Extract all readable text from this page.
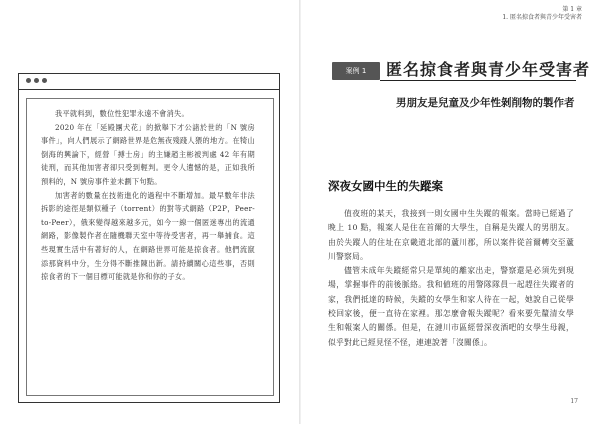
第 1 章
1. 匿名掠食者與青少年受害者

我平就料到，數位性犯罪永遠不會消失。

2020 年在「延殿團犬花」的掀舉下才公諸於世的「N 號房事件」，向人們展示了網路世界是危無夜殘踐人猥的地方。在犄山倒海的興論下，經營「搏士房」的主嫌趙主彬被判處 42 年有期徒刑，而其他加害者卻只受到輕判。更令人遺憾的是，正如我所預料的，N 號房事件並未劃下句點。

加害者的數量在技術進化的過程中不斷增加。最早數年非法拆影的途徑是類似種子（torrent）的對等式網路（P2P，Peer-to-Peer），俄來變得越來越多元，如今一線一個匿迷專出的流通網路，影像製作者在隨機聯天室中等待受害者，再一舉捕食。這些現實生活中有著好的人，在網路世界可能是掠食者。他們流竄添那資料中分，生分得不斷推陳出新。請持續關心這些事，否則掠食者的下一個目標可能就是你和你的子女。

案例 1	匿名掠食者與青少年受害者
男朋友是兒童及少年性剝削物的製作者
深夜女國中生的失蹤案

值夜班的某天，我接到一則女國中生失蹤的報案。當時已經過了晚上 10 點，報案人是住在首爾的大學生，自稱是失蹤人的男朋友。由於失蹤人的住址在京畿道北部的蘆川郡，所以案件從首爾轉交至蘆川警察局。

儘管未成年失蹤經常只是單純的離家出走，警察還是必須先到現場，掌握事件的前後脈絡。我和値班的用警隊隊員一起趕往失蹤者的家，我們抵達的時候，失蹤的女學生和家人待在一起，她說自己從學校回家後，便一直待在家裡。那怎麼會報失蹤呢？看來要先釐清女學生和報案人的關係。但是，在漣川市區經營深夜酒吧的女學生母親，似乎對此已經見怪不怪，連連說著「沒關係」。

17
